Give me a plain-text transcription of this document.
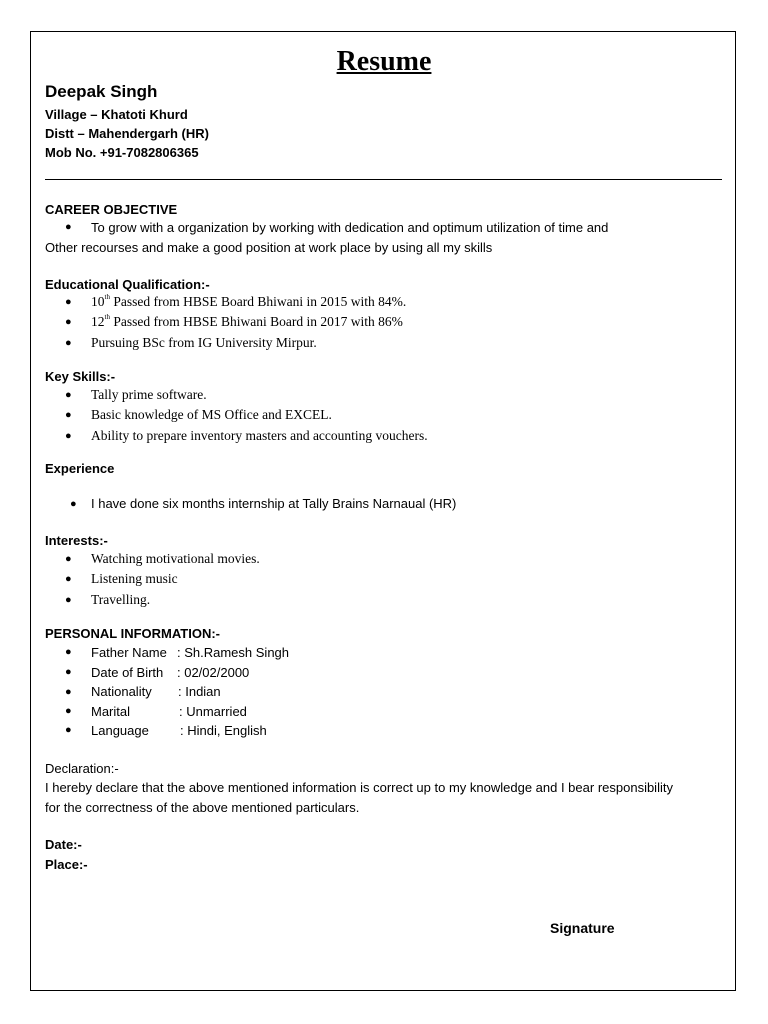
Resume
Deepak Singh
Village – Khatoti Khurd
Distt – Mahendergarh (HR)
Mob No. +91-7082806365
CAREER OBJECTIVE
● To grow with a organization by working with dedication and optimum utilization of time and
Other recourses and make a good position at work place by using all my skills
Educational Qualification:-
● 10th Passed from HBSE Board Bhiwani in 2015 with 84%.
● 12th Passed from HBSE Bhiwani Board in 2017 with 86%
● Pursuing BSc from IG University Mirpur.
Key Skills:-
● Tally prime software.
● Basic knowledge of MS Office and EXCEL.
● Ability to prepare inventory masters and accounting vouchers.
Experience
● I have done six months internship at Tally Brains Narnaual (HR)
Interests:-
● Watching motivational movies.
● Listening music
● Travelling.
PERSONAL INFORMATION:-
● Father Name : Sh.Ramesh Singh
● Date of Birth : 02/02/2000
● Nationality : Indian
● Marital	: Unmarried
● Language : Hindi, English
Declaration:-
I hereby declare that the above mentioned information is correct up to my knowledge and I bear responsibility
for the correctness of the above mentioned particulars.
Date:-
Place:-
Signature
